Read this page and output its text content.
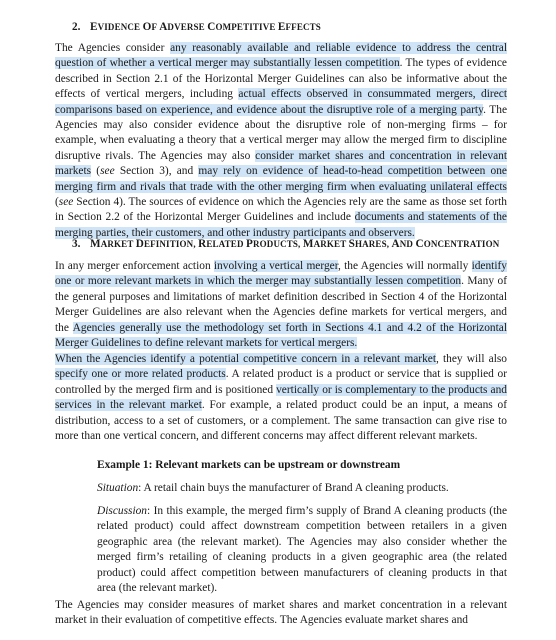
2. EVIDENCE OF ADVERSE COMPETITIVE EFFECTS

The Agencies consider any reasonably available and reliable evidence to address the central question of whether a vertical merger may substantially lessen competition. The types of evidence described in Section 2.1 of the Horizontal Merger Guidelines can also be informative about the effects of vertical mergers, including actual effects observed in consummated mergers, direct comparisons based on experience, and evidence about the disruptive role of a merging party. The Agencies may also consider evidence about the disruptive role of non-merging firms – for example, when evaluating a theory that a vertical merger may allow the merged firm to discipline disruptive rivals. The Agencies may also consider market shares and concentration in relevant markets (see Section 3), and may rely on evidence of head-to-head competition between one merging firm and rivals that trade with the other merging firm when evaluating unilateral effects (see Section 4). The sources of evidence on which the Agencies rely are the same as those set forth in Section 2.2 of the Horizontal Merger Guidelines and include documents and statements of the merging parties, their customers, and other industry participants and observers.

3. MARKET DEFINITION, RELATED PRODUCTS, MARKET SHARES, AND CONCENTRATION

In any merger enforcement action involving a vertical merger, the Agencies will normally identify one or more relevant markets in which the merger may substantially lessen competition. Many of the general purposes and limitations of market definition described in Section 4 of the Horizontal Merger Guidelines are also relevant when the Agencies define markets for vertical mergers, and the Agencies generally use the methodology set forth in Sections 4.1 and 4.2 of the Horizontal Merger Guidelines to define relevant markets for vertical mergers.

When the Agencies identify a potential competitive concern in a relevant market, they will also specify one or more related products. A related product is a product or service that is supplied or controlled by the merged firm and is positioned vertically or is complementary to the products and services in the relevant market. For example, a related product could be an input, a means of distribution, access to a set of customers, or a complement. The same transaction can give rise to more than one vertical concern, and different concerns may affect different relevant markets.

Example 1: Relevant markets can be upstream or downstream

Situation: A retail chain buys the manufacturer of Brand A cleaning products.

Discussion: In this example, the merged firm’s supply of Brand A cleaning products (the related product) could affect downstream competition between retailers in a given geographic area (the relevant market). The Agencies may also consider whether the merged firm’s retailing of cleaning products in a given geographic area (the related product) could affect competition between manufacturers of cleaning products in that area (the relevant market).

The Agencies may consider measures of market shares and market concentration in a relevant market in their evaluation of competitive effects. The Agencies evaluate market shares and
